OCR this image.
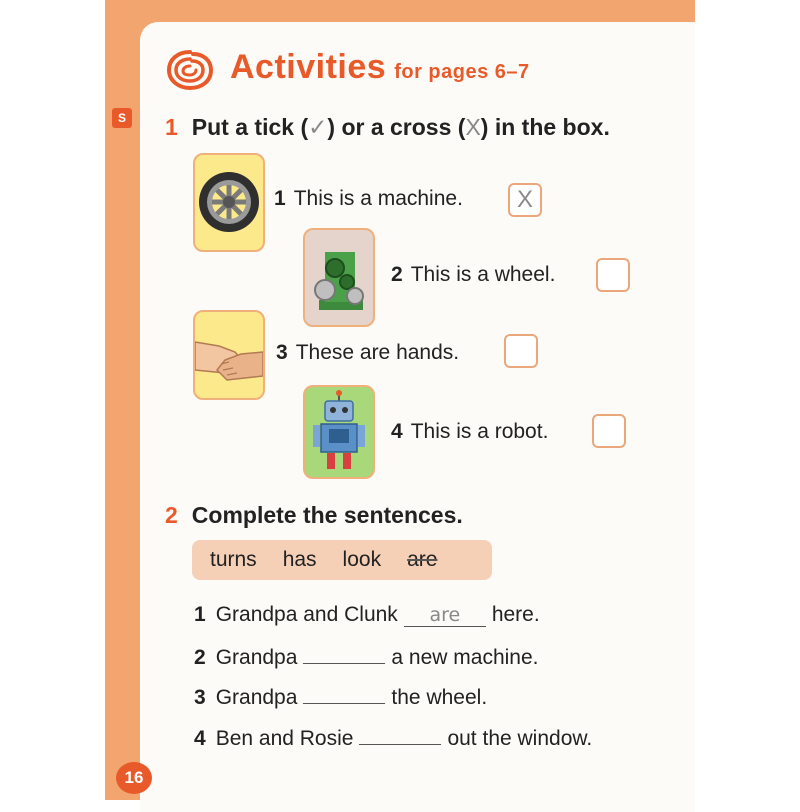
S
Activities for pages 6–7
1 Put a tick (✓) or a cross (X) in the box.
1 This is a machine.	X
2 This is a wheel.
3 These are hands.
4 This is a robot.
2 Complete the sentences.
turns has look are
1 Grandpa and Clunk are here.
2 Grandpa	a new machine.
3 Grandpa	the wheel.
4 Ben and Rosie	out the window.
16
